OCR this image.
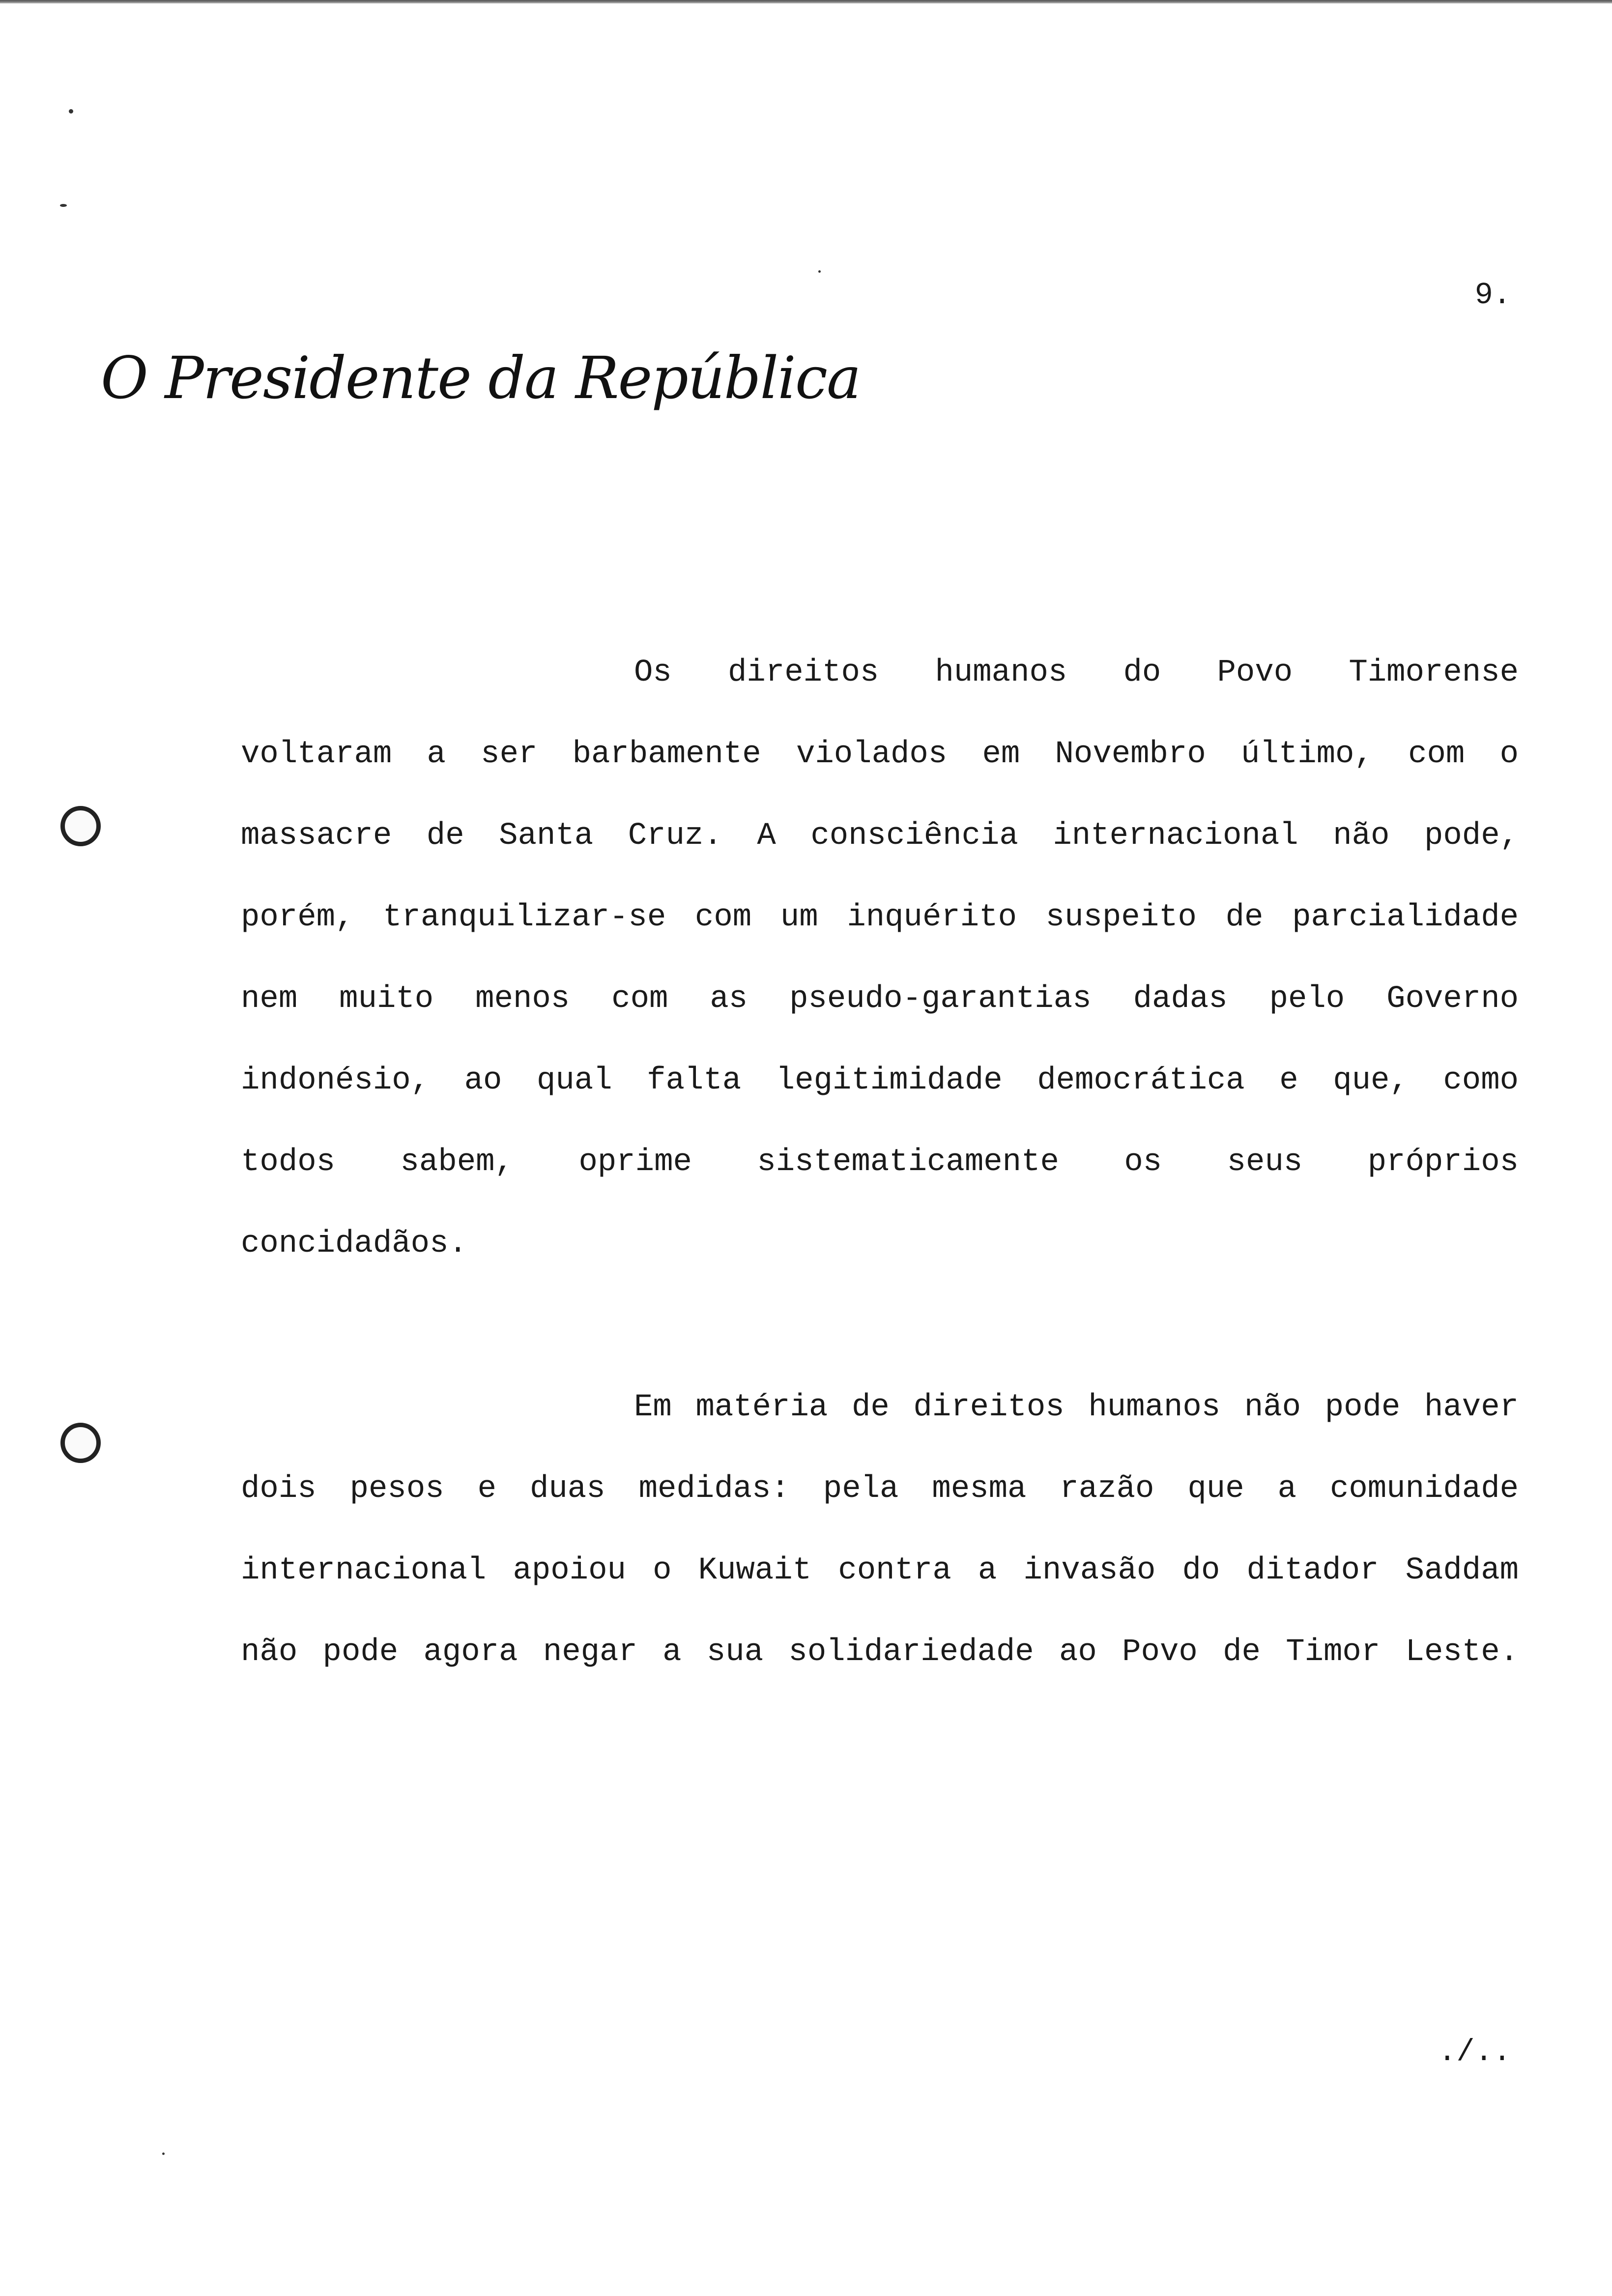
9.
O Presidente da República
Os direitos humanos do Povo Timorense
voltaram a ser barbamente violados em Novembro último, com o
massacre de Santa Cruz. A consciência internacional não pode,
porém, tranquilizar-se com um inquérito suspeito de parcialidade
nem muito menos com as pseudo-garantias dadas pelo Governo
indonésio, ao qual falta legitimidade democrática e que, como
todos sabem, oprime sistematicamente os seus próprios
concidadãos.
Em matéria de direitos humanos não pode haver
dois pesos e duas medidas: pela mesma razão que a comunidade
internacional apoiou o Kuwait contra a invasão do ditador Saddam
não pode agora negar a sua solidariedade ao Povo de Timor Leste.
./..
